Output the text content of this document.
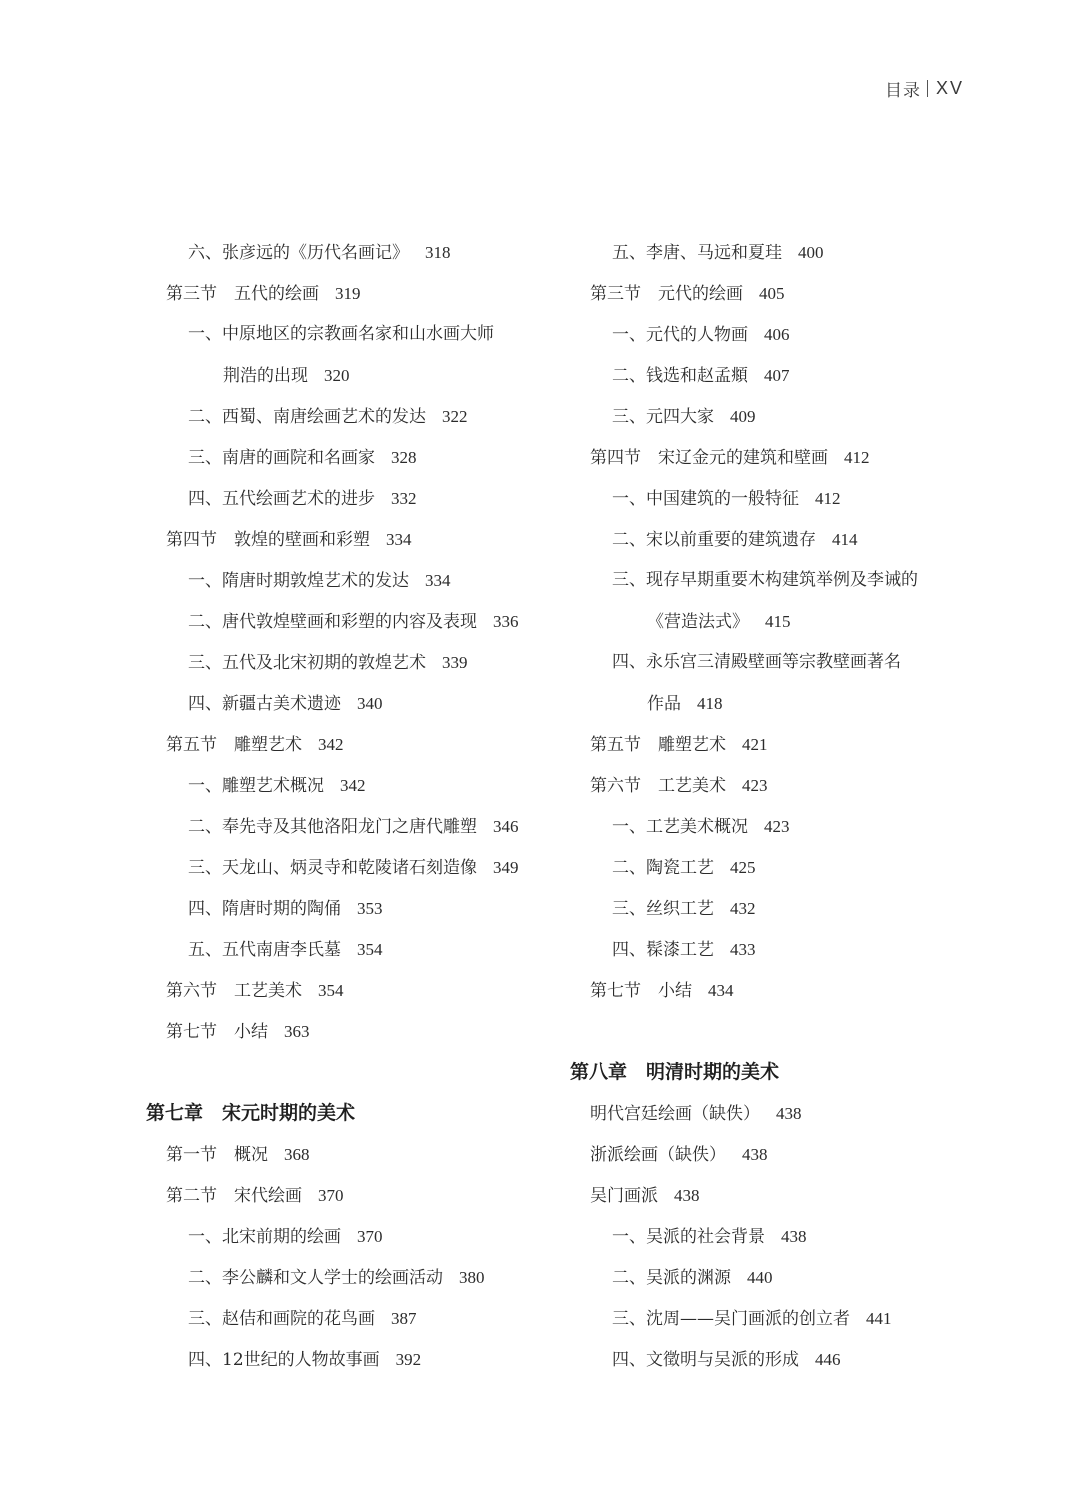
目录 XV
六、张彦远的《历代名画记》 318
第三节　五代的绘画 319
一、中原地区的宗教画名家和山水画大师
荆浩的出现 320
二、西蜀、南唐绘画艺术的发达 322
三、南唐的画院和名画家 328
四、五代绘画艺术的进步 332
第四节　敦煌的壁画和彩塑 334
一、隋唐时期敦煌艺术的发达 334
二、唐代敦煌壁画和彩塑的内容及表现 336
三、五代及北宋初期的敦煌艺术 339
四、新疆古美术遗迹 340
第五节　雕塑艺术 342
一、雕塑艺术概况 342
二、奉先寺及其他洛阳龙门之唐代雕塑 346
三、天龙山、炳灵寺和乾陵诸石刻造像 349
四、隋唐时期的陶俑 353
五、五代南唐李氏墓 354
第六节　工艺美术 354
第七节　小结 363
第七章　宋元时期的美术
第一节　概况 368
第二节　宋代绘画 370
一、北宋前期的绘画 370
二、李公麟和文人学士的绘画活动 380
三、赵佶和画院的花鸟画 387
四、12世纪的人物故事画 392
五、李唐、马远和夏珪 400
第三节　元代的绘画 405
一、元代的人物画 406
二、钱选和赵孟頫 407
三、元四大家 409
第四节　宋辽金元的建筑和壁画 412
一、中国建筑的一般特征 412
二、宋以前重要的建筑遗存 414
三、现存早期重要木构建筑举例及李诫的
《营造法式》 415
四、永乐宫三清殿壁画等宗教壁画著名
作品 418
第五节　雕塑艺术 421
第六节　工艺美术 423
一、工艺美术概况 423
二、陶瓷工艺 425
三、丝织工艺 432
四、髹漆工艺 433
第七节　小结 434
第八章　明清时期的美术
明代宫廷绘画（缺佚） 438
浙派绘画（缺佚） 438
吴门画派 438
一、吴派的社会背景 438
二、吴派的渊源 440
三、沈周——吴门画派的创立者 441
四、文徵明与吴派的形成 446
